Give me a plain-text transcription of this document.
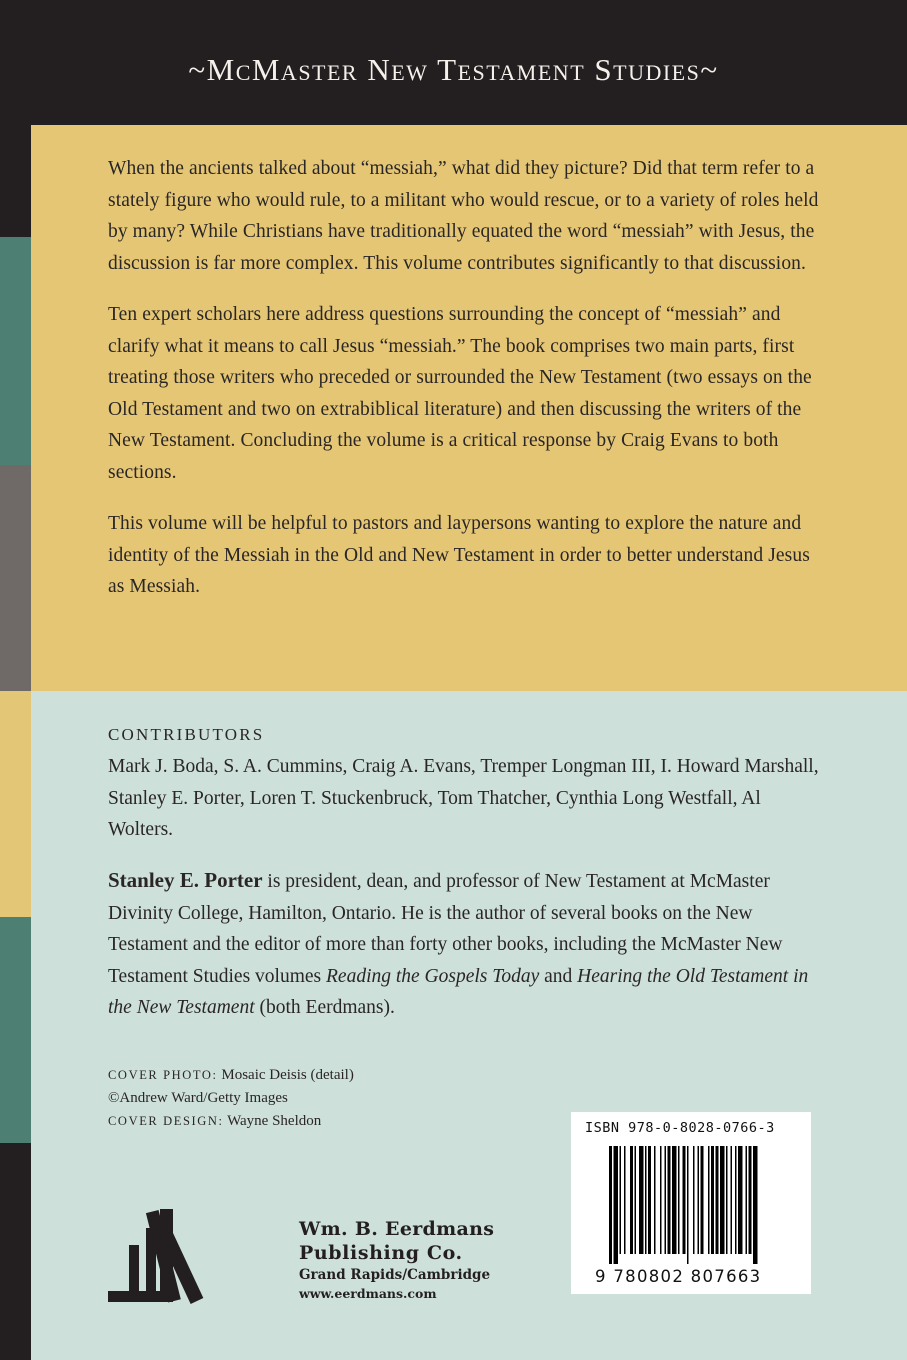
~McMaster New Testament Studies~

When the ancients talked about “messiah,” what did they picture? Did that term refer to a stately figure who would rule, to a militant who would rescue, or to a variety of roles held by many? While Christians have traditionally equated the word “messiah” with Jesus, the discussion is far more complex. This volume contributes significantly to that discussion.

Ten expert scholars here address questions surrounding the concept of “messiah” and clarify what it means to call Jesus “messiah.” The book comprises two main parts, first treating those writers who preceded or surrounded the New Testament (two essays on the Old Testament and two on extrabiblical literature) and then discussing the writers of the New Testament. Concluding the volume is a critical response by Craig Evans to both sections.

This volume will be helpful to pastors and laypersons wanting to explore the nature and identity of the Messiah in the Old and New Testament in order to better understand Jesus as Messiah.

CONTRIBUTORS
Mark J. Boda, S. A. Cummins, Craig A. Evans, Tremper Longman III, I. Howard Marshall, Stanley E. Porter, Loren T. Stuckenbruck, Tom Thatcher, Cynthia Long Westfall, Al Wolters.
Stanley E. Porter is president, dean, and professor of New Testament at McMaster Divinity College, Hamilton, Ontario. He is the author of several books on the New Testament and the editor of more than forty other books, including the McMaster New Testament Studies volumes Reading the Gospels Today and Hearing the Old Testament in the New Testament (both Eerdmans).
COVER PHOTO: Mosaic Deisis (detail)
©Andrew Ward/Getty Images
COVER DESIGN: Wayne Sheldon
Wm. B. Eerdmans
Publishing Co.
Grand Rapids/Cambridge
www.eerdmans.com
ISBN 978-0-8028-0766-3
9 780802 807663
